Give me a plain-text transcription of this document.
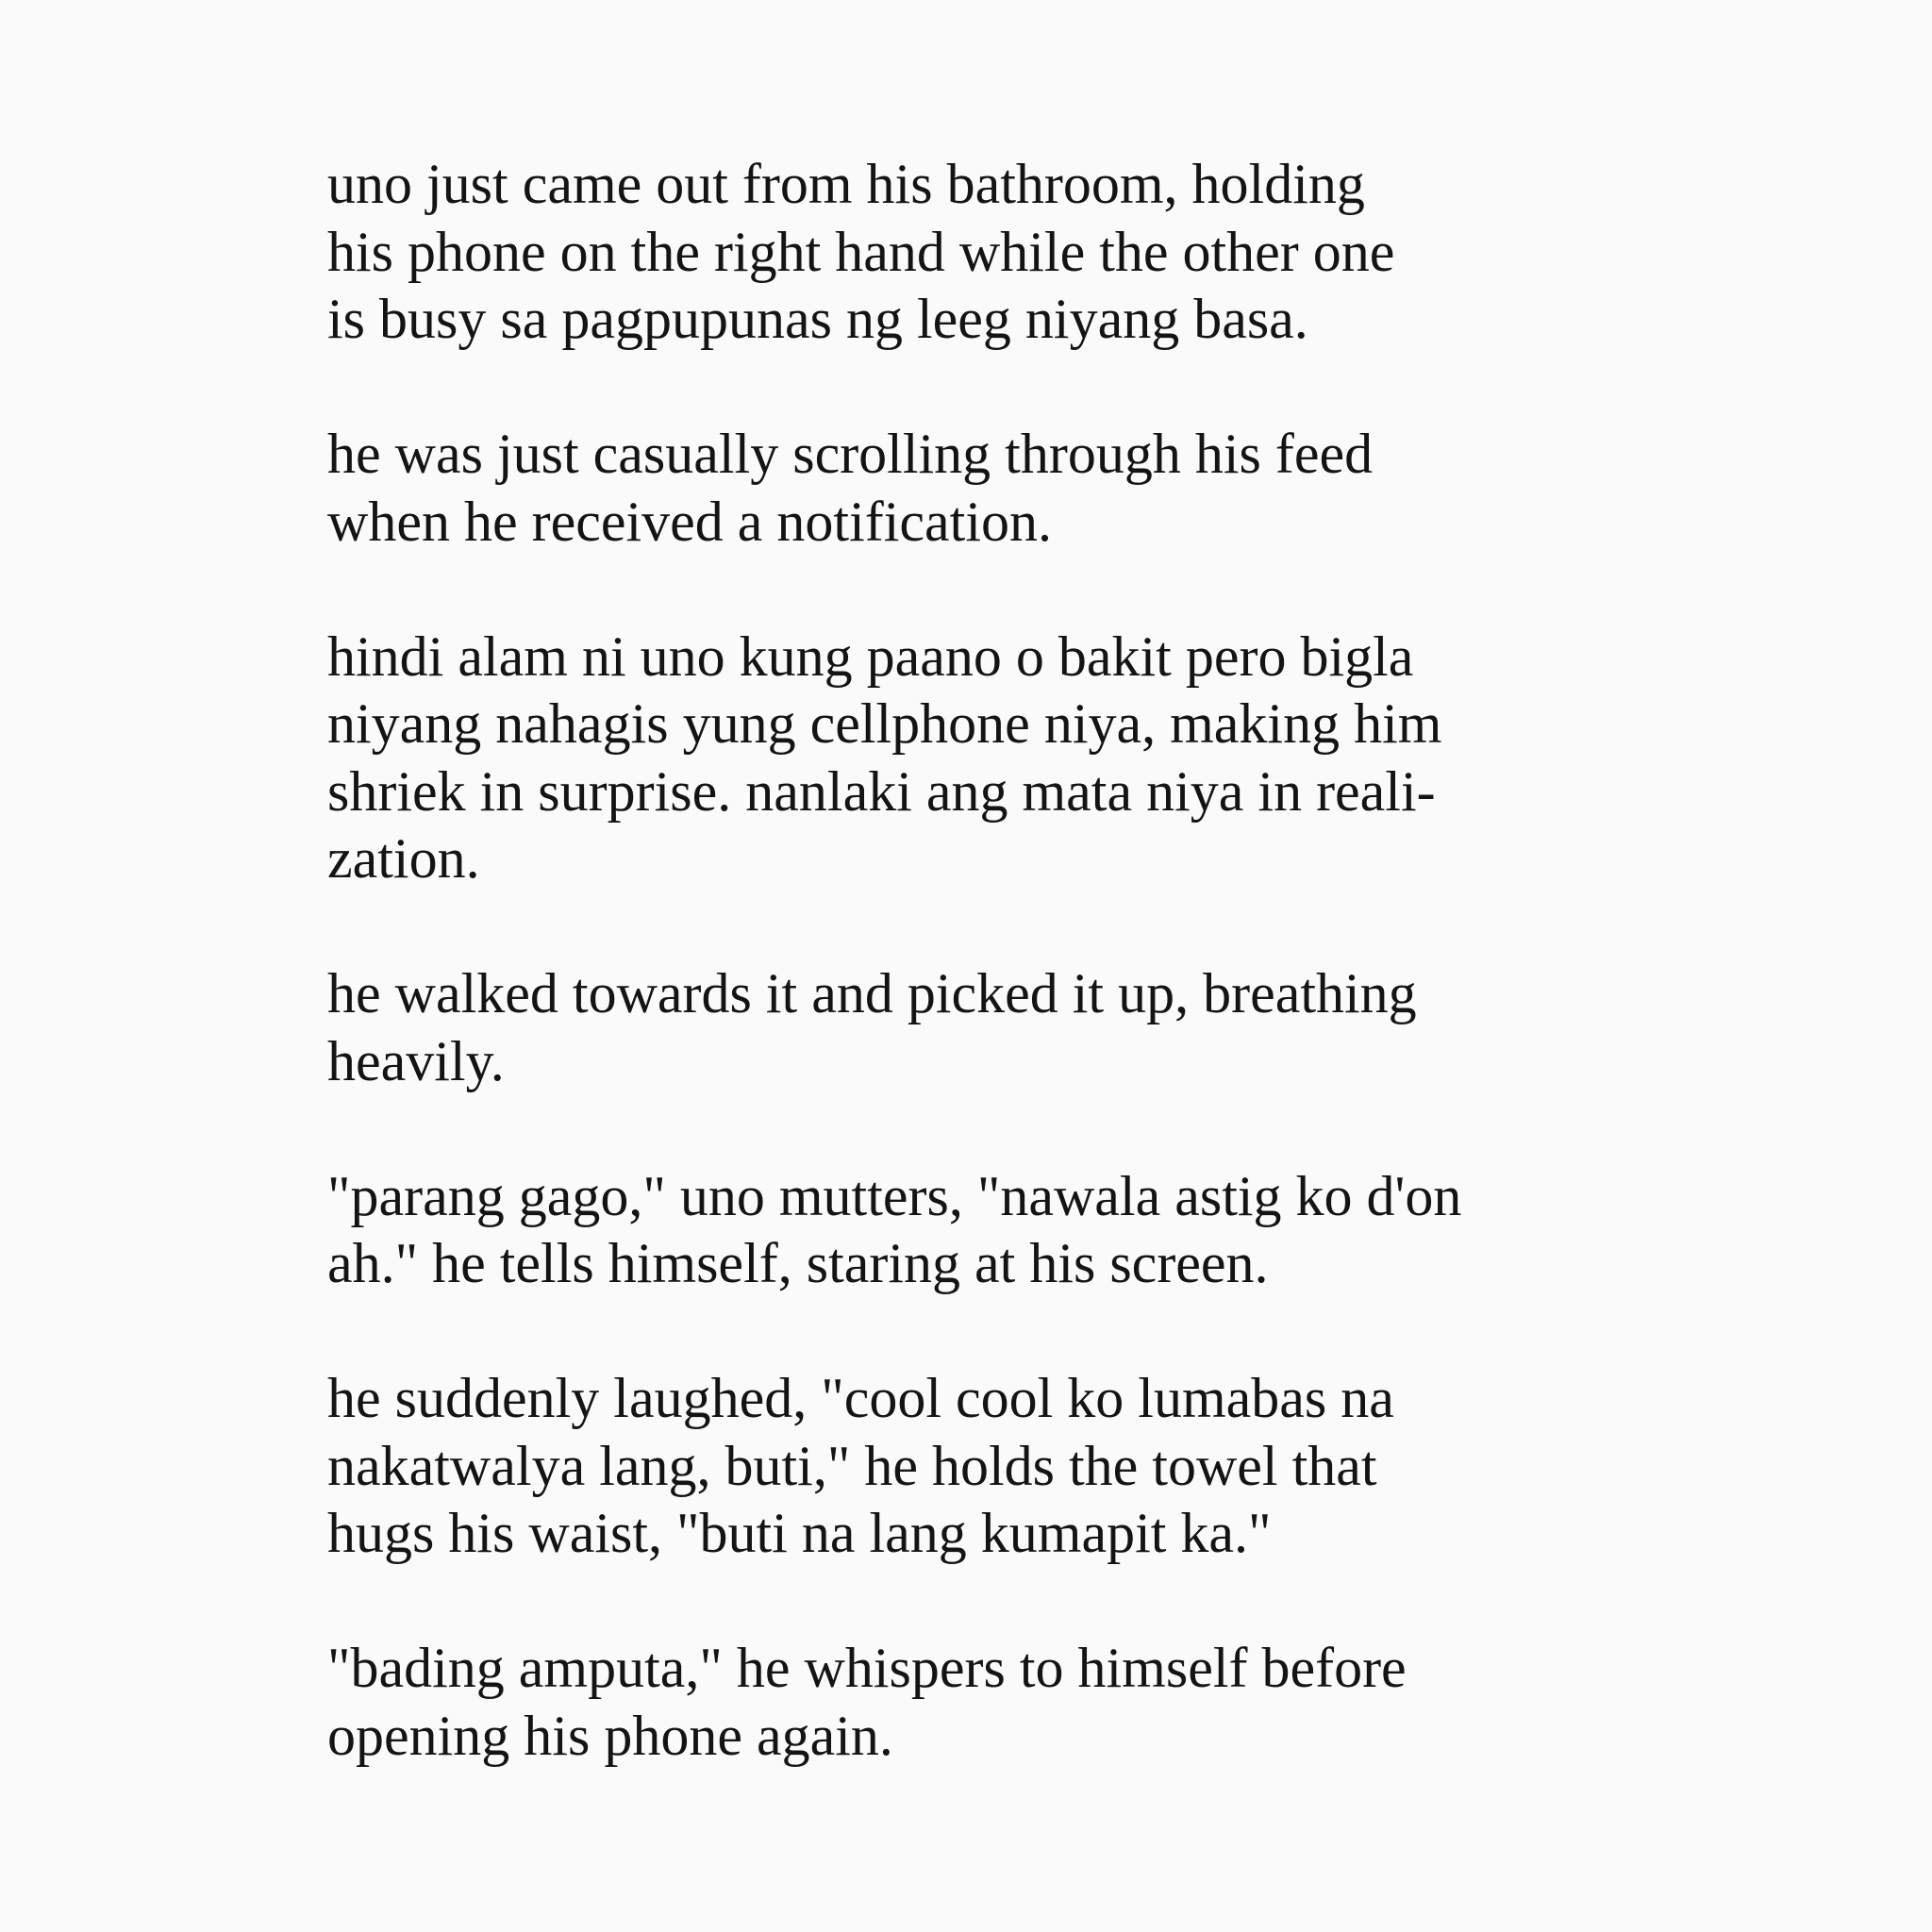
uno just came out from his bathroom, holding
his phone on the right hand while the other one
is busy sa pagpupunas ng leeg niyang basa.

he was just casually scrolling through his feed
when he received a notification.

hindi alam ni uno kung paano o bakit pero bigla
niyang nahagis yung cellphone niya, making him
shriek in surprise. nanlaki ang mata niya in reali-
zation.

he walked towards it and picked it up, breathing
heavily.

"parang gago," uno mutters, "nawala astig ko d'on
ah." he tells himself, staring at his screen.

he suddenly laughed, "cool cool ko lumabas na
nakatwalya lang, buti," he holds the towel that
hugs his waist, "buti na lang kumapit ka."

"bading amputa," he whispers to himself before
opening his phone again.
